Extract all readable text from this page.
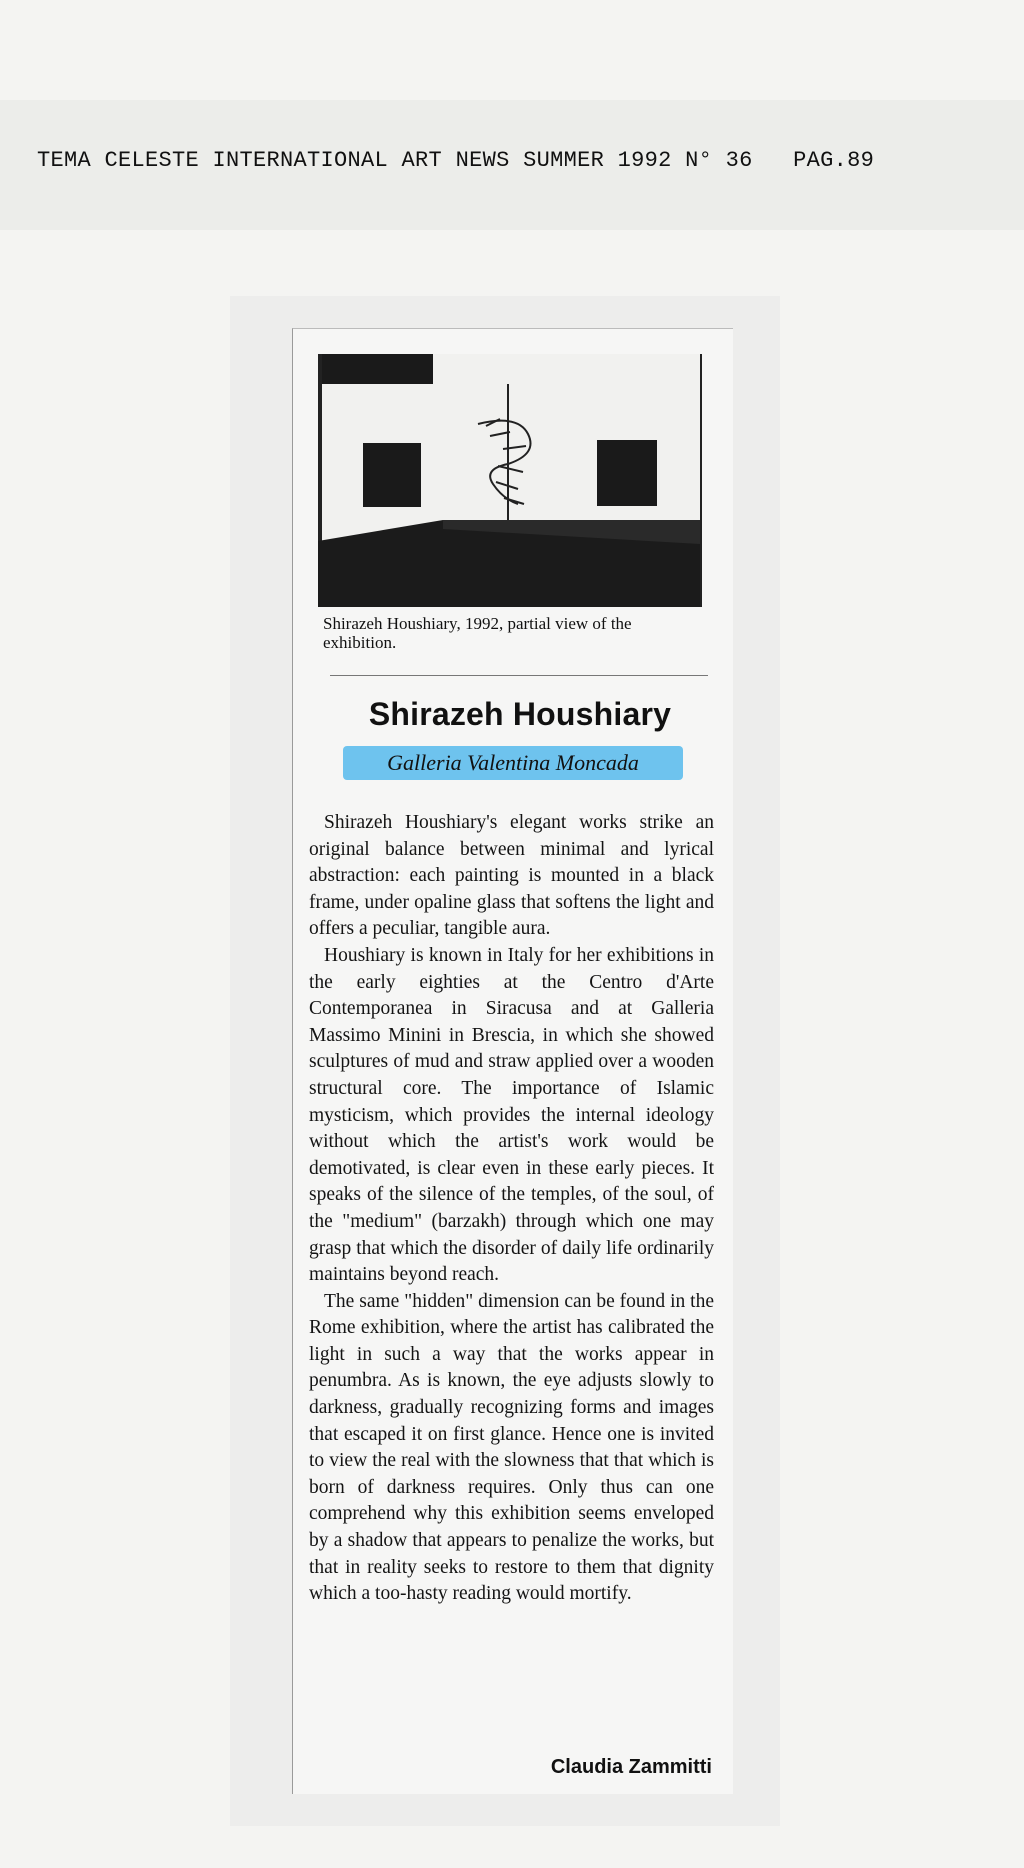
TEMA CELESTE INTERNATIONAL ART NEWS SUMMER 1992 N° 36   PAG.89
Shirazeh Houshiary, 1992, partial view of the exhibition.
Shirazeh Houshiary
Galleria Valentina Moncada

Shirazeh Houshiary's elegant works strike an original balance between minimal and lyrical abstraction: each painting is mounted in a black frame, under opaline glass that softens the light and offers a peculiar, tangible aura.

Houshiary is known in Italy for her exhibitions in the early eighties at the Centro d'Arte Contemporanea in Siracusa and at Galleria Massimo Minini in Brescia, in which she showed sculptures of mud and straw applied over a wooden structural core. The importance of Islamic mysticism, which provides the internal ideology without which the artist's work would be demotivated, is clear even in these early pieces. It speaks of the silence of the temples, of the soul, of the "medium" (barzakh) through which one may grasp that which the disorder of daily life ordinarily maintains beyond reach.

The same "hidden" dimension can be found in the Rome exhibition, where the artist has calibrated the light in such a way that the works appear in penumbra. As is known, the eye adjusts slowly to darkness, gradually recognizing forms and images that escaped it on first glance. Hence one is invited to view the real with the slowness that that which is born of darkness requires. Only thus can one comprehend why this exhibition seems enveloped by a shadow that appears to penalize the works, but that in reality seeks to restore to them that dignity which a too-hasty reading would mortify.

Claudia Zammitti
